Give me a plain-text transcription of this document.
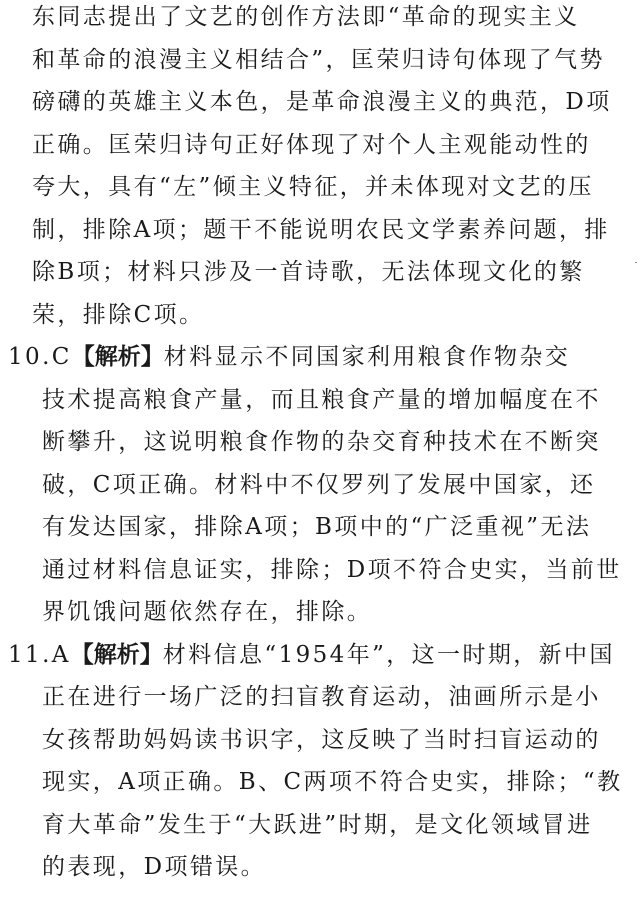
东同志提出了文艺的创作方法即“革命的现实主义
和革命的浪漫主义相结合”，匡荣归诗句体现了气势
磅礴的英雄主义本色，是革命浪漫主义的典范，D项
正确。匡荣归诗句正好体现了对个人主观能动性的
夸大，具有“左”倾主义特征，并未体现对文艺的压
制，排除A项；题干不能说明农民文学素养问题，排
除B项；材料只涉及一首诗歌，无法体现文化的繁
荣，排除C项。
10.C【解析】材料显示不同国家利用粮食作物杂交
技术提高粮食产量，而且粮食产量的增加幅度在不
断攀升，这说明粮食作物的杂交育种技术在不断突
破，C项正确。材料中不仅罗列了发展中国家，还
有发达国家，排除A项；B项中的“广泛重视”无法
通过材料信息证实，排除；D项不符合史实，当前世
界饥饿问题依然存在，排除。
11.A【解析】材料信息“1954年”，这一时期，新中国
正在进行一场广泛的扫盲教育运动，油画所示是小
女孩帮助妈妈读书识字，这反映了当时扫盲运动的
现实，A项正确。B、C两项不符合史实，排除；“教
育大革命”发生于“大跃进”时期，是文化领域冒进
的表现，D项错误。
